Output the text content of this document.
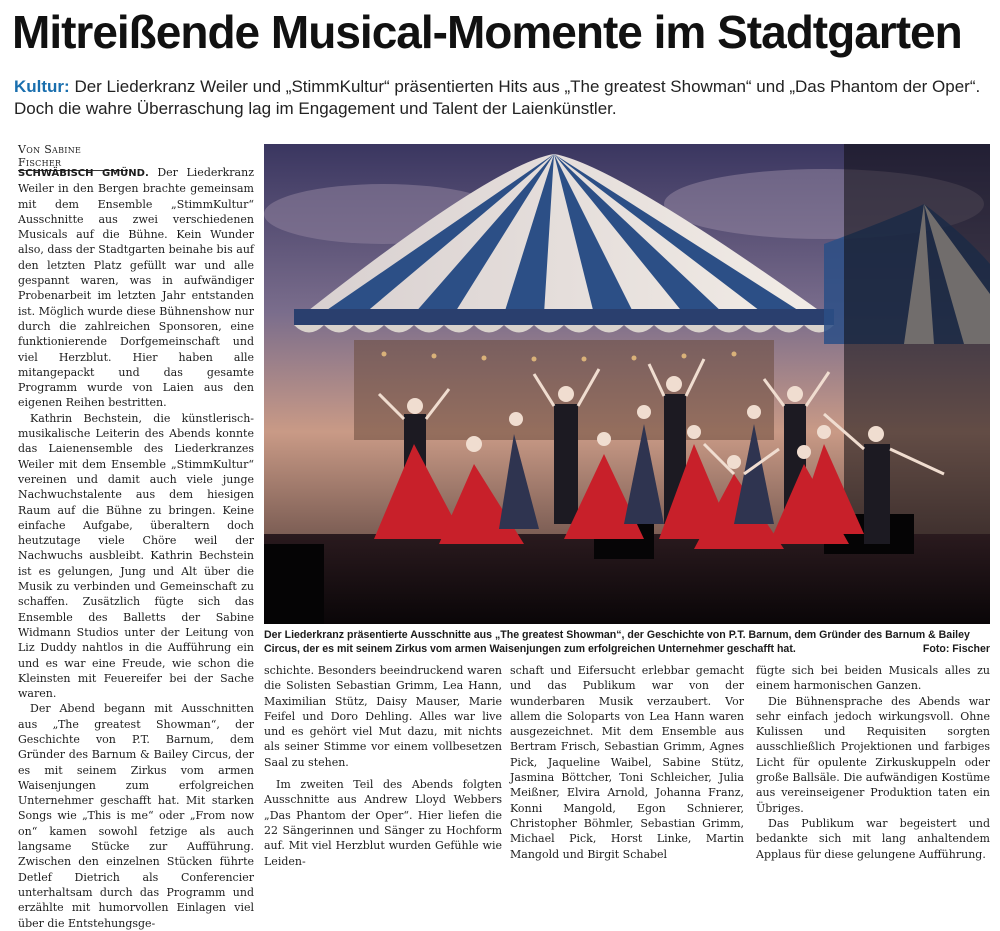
Mitreißende Musical-Momente im Stadtgarten
Kultur: Der Liederkranz Weiler und „StimmKultur“ präsentierten Hits aus „The greatest Showman“ und „Das Phantom der Oper“.
Doch die wahre Überraschung lag im Engagement und Talent der Laienkünstler.
Von Sabine Fischer

SCHWÄBISCH GMÜND. Der Liederkranz Weiler in den Bergen brachte gemeinsam mit dem Ensemble „StimmKultur“ Ausschnitte aus zwei verschiedenen Musicals auf die Bühne. Kein Wunder also, dass der Stadtgarten beinahe bis auf den letzten Platz gefüllt war und alle gespannt waren, was in aufwändiger Probenarbeit im letzten Jahr entstanden ist. Möglich wurde diese Bühnenshow nur durch die zahlreichen Sponsoren, eine funktionierende Dorfgemeinschaft und viel Herzblut. Hier haben alle mitangepackt und das gesamte Programm wurde von Laien aus den eigenen Reihen bestritten.

Kathrin Bechstein, die künstlerisch-musikalische Leiterin des Abends konnte das Laienensemble des Liederkranzes Weiler mit dem Ensemble „StimmKultur“ vereinen und damit auch viele junge Nachwuchstalente aus dem hiesigen Raum auf die Bühne zu bringen. Keine einfache Aufgabe, überaltern doch heutzutage viele Chöre weil der Nachwuchs ausbleibt. Kathrin Bechstein ist es gelungen, Jung und Alt über die Musik zu verbinden und Gemeinschaft zu schaffen. Zusätzlich fügte sich das Ensemble des Balletts der Sabine Widmann Studios unter der Leitung von Liz Duddy nahtlos in die Aufführung ein und es war eine Freude, wie schon die Kleinsten mit Feuereifer bei der Sache waren.

Der Abend begann mit Ausschnitten aus „The greatest Showman“, der Geschichte von P.T. Barnum, dem Gründer des Barnum & Bailey Circus, der es mit seinem Zirkus vom armen Waisenjungen zum erfolgreichen Unternehmer geschafft hat. Mit starken Songs wie „This is me“ oder „From now on“ kamen sowohl fetzige als auch langsame Stücke zur Aufführung. Zwischen den einzelnen Stücken führte Detlef Dietrich als Conferencier unterhaltsam durch das Programm und erzählte mit humorvollen Einlagen viel über die Entstehungsge-

Der Liederkranz präsentierte Ausschnitte aus „The greatest Showman“, der Geschichte von P.T. Barnum, dem Gründer des Barnum & Bailey Circus, der es mit seinem Zirkus vom armen Waisenjungen zum erfolgreichen Unternehmer geschafft hat.	Foto: Fischer

schichte. Besonders beeindruckend waren die Solisten Sebastian Grimm, Lea Hann, Maximilian Stütz, Daisy Mauser, Marie Feifel und Doro Dehling. Alles war live und es gehört viel Mut dazu, mit nichts als seiner Stimme vor einem vollbesetzen Saal zu stehen.

Im zweiten Teil des Abends folgten Ausschnitte aus Andrew Lloyd Webbers „Das Phantom der Oper“. Hier liefen die 22 Sängerinnen und Sänger zu Hochform auf. Mit viel Herzblut wurden Gefühle wie Leiden-

schaft und Eifersucht erlebbar gemacht und das Publikum war von der wunderbaren Musik verzaubert. Vor allem die Soloparts von Lea Hann waren ausgezeichnet. Mit dem Ensemble aus Bertram Frisch, Sebastian Grimm, Agnes Pick, Jaqueline Waibel, Sabine Stütz, Jasmina Böttcher, Toni Schleicher, Julia Meißner, Elvira Arnold, Johanna Franz, Konni Mangold, Egon Schnierer, Christopher Böhmler, Sebastian Grimm, Michael Pick, Horst Linke, Martin Mangold und Birgit Schabel

fügte sich bei beiden Musicals alles zu einem harmonischen Ganzen.

Die Bühnensprache des Abends war sehr einfach jedoch wirkungsvoll. Ohne Kulissen und Requisiten sorgten ausschließlich Projektionen und farbiges Licht für opulente Zirkuskuppeln oder große Ballsäle. Die aufwändigen Kostüme aus vereinseigener Produktion taten ein Übriges.

Das Publikum war begeistert und bedankte sich mit lang anhaltendem Applaus für diese gelungene Aufführung.
